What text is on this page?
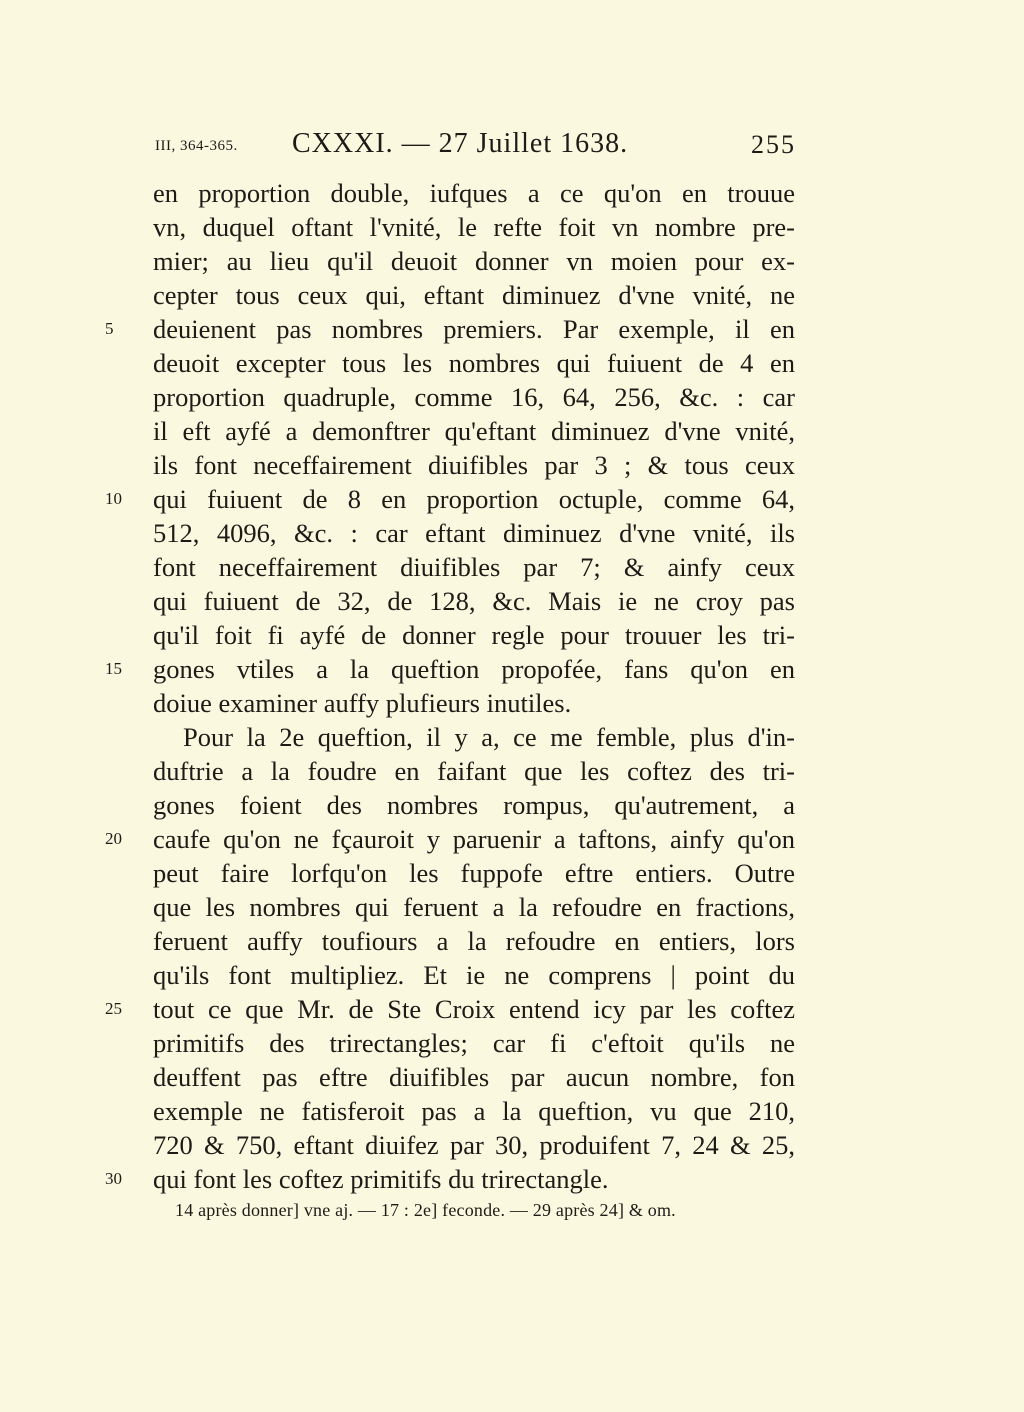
III, 364-365. CXXXI. — 27 Juillet 1638.	255
en proportion double, iufques a ce qu'on en trouue
vn, duquel oftant l'vnité, le refte foit vn nombre pre-
mier; au lieu qu'il deuoit donner vn moien pour ex-
cepter tous ceux qui, eftant diminuez d'vne vnité, ne
5	deuienent pas nombres premiers. Par exemple, il en
deuoit excepter tous les nombres qui fuiuent de 4 en
proportion quadruple, comme 16, 64, 256, &c. : car
il eft ayfé a demonftrer qu'eftant diminuez d'vne vnité,
ils font neceffairement diuifibles par 3 ; & tous ceux
10 qui fuiuent de 8 en proportion octuple, comme 64,
512, 4096, &c. : car eftant diminuez d'vne vnité, ils
font neceffairement diuifibles par 7; & ainfy ceux
qui fuiuent de 32, de 128, &c. Mais ie ne croy pas
qu'il foit fi ayfé de donner regle pour trouuer les tri-
15 gones vtiles a la queftion propofée, fans qu'on en
doiue examiner auffy plufieurs inutiles.
Pour la 2e queftion, il y a, ce me femble, plus d'in-
duftrie a la foudre en faifant que les coftez des tri-
gones foient des nombres rompus, qu'autrement, a
20 caufe qu'on ne fçauroit y paruenir a taftons, ainfy qu'on
peut faire lorfqu'on les fuppofe eftre entiers. Outre
que les nombres qui feruent a la refoudre en fractions,
feruent auffy toufiours a la refoudre en entiers, lors
qu'ils font multipliez. Et ie ne comprens | point du
25 tout ce que Mr. de Ste Croix entend icy par les coftez
primitifs des trirectangles; car fi c'eftoit qu'ils ne
deuffent pas eftre diuifibles par aucun nombre, fon
exemple ne fatisferoit pas a la queftion, vu que 210,
720 & 750, eftant diuifez par 30, produifent 7, 24 & 25,
30 qui font les coftez primitifs du trirectangle.
14 après donner] vne aj. — 17 : 2e] feconde. — 29 après 24] & om.
